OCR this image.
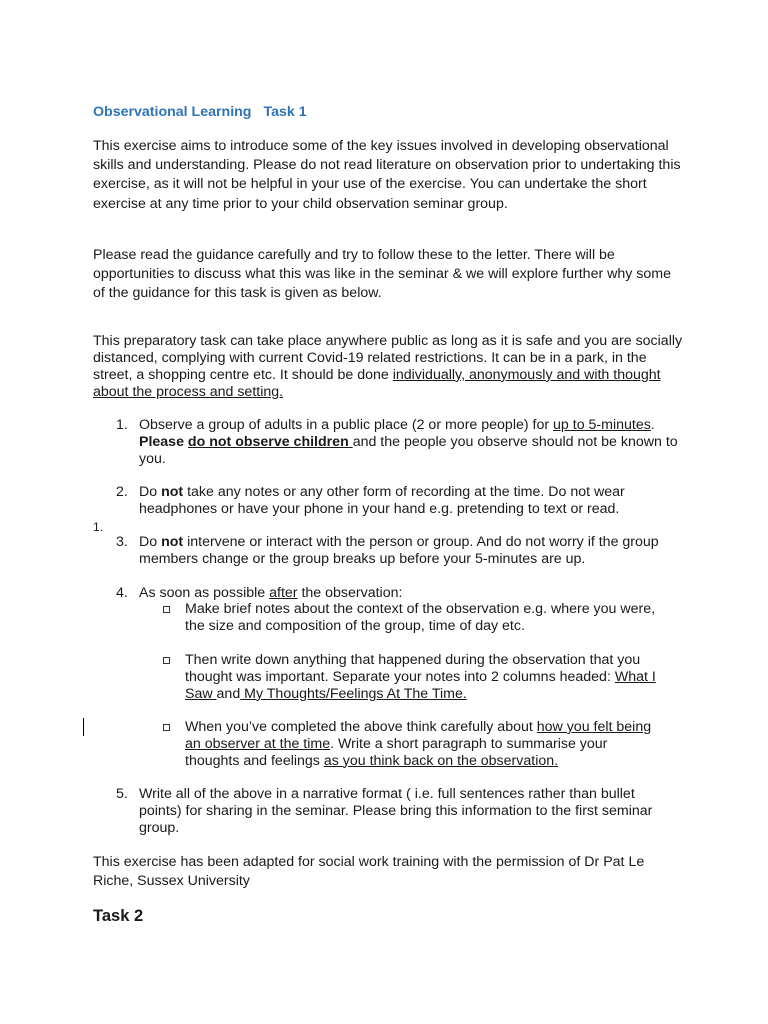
Observational Learning Task 1

This exercise aims to introduce some of the key issues involved in developing observational skills and understanding. Please do not read literature on observation prior to undertaking this exercise, as it will not be helpful in your use of the exercise. You can undertake the short exercise at any time prior to your child observation seminar group.

Please read the guidance carefully and try to follow these to the letter. There will be opportunities to discuss what this was like in the seminar & we will explore further why some of the guidance for this task is given as below.

This preparatory task can take place anywhere public as long as it is safe and you are socially distanced, complying with current Covid-19 related restrictions. It can be in a park, in the street, a shopping centre etc. It should be done individually, anonymously and with thought about the process and setting.

1. Observe a group of adults in a public place (2 or more people) for up to 5-minutes. Please do not observe children and the people you observe should not be known to you.

2. Do not take any notes or any other form of recording at the time. Do not wear headphones or have your phone in your hand e.g. pretending to text or read.

1.
3. Do not intervene or interact with the person or group. And do not worry if the group members change or the group breaks up before your 5-minutes are up.

4. As soon as possible after the observation:

Make brief notes about the context of the observation e.g. where you were, the size and composition of the group, time of day etc.

Then write down anything that happened during the observation that you thought was important. Separate your notes into 2 columns headed: What I Saw and My Thoughts/Feelings At The Time.

When you’ve completed the above think carefully about how you felt being an observer at the time. Write a short paragraph to summarise your thoughts and feelings as you think back on the observation.

5. Write all of the above in a narrative format ( i.e. full sentences rather than bullet points) for sharing in the seminar. Please bring this information to the first seminar group.

This exercise has been adapted for social work training with the permission of Dr Pat Le Riche, Sussex University

Task 2
